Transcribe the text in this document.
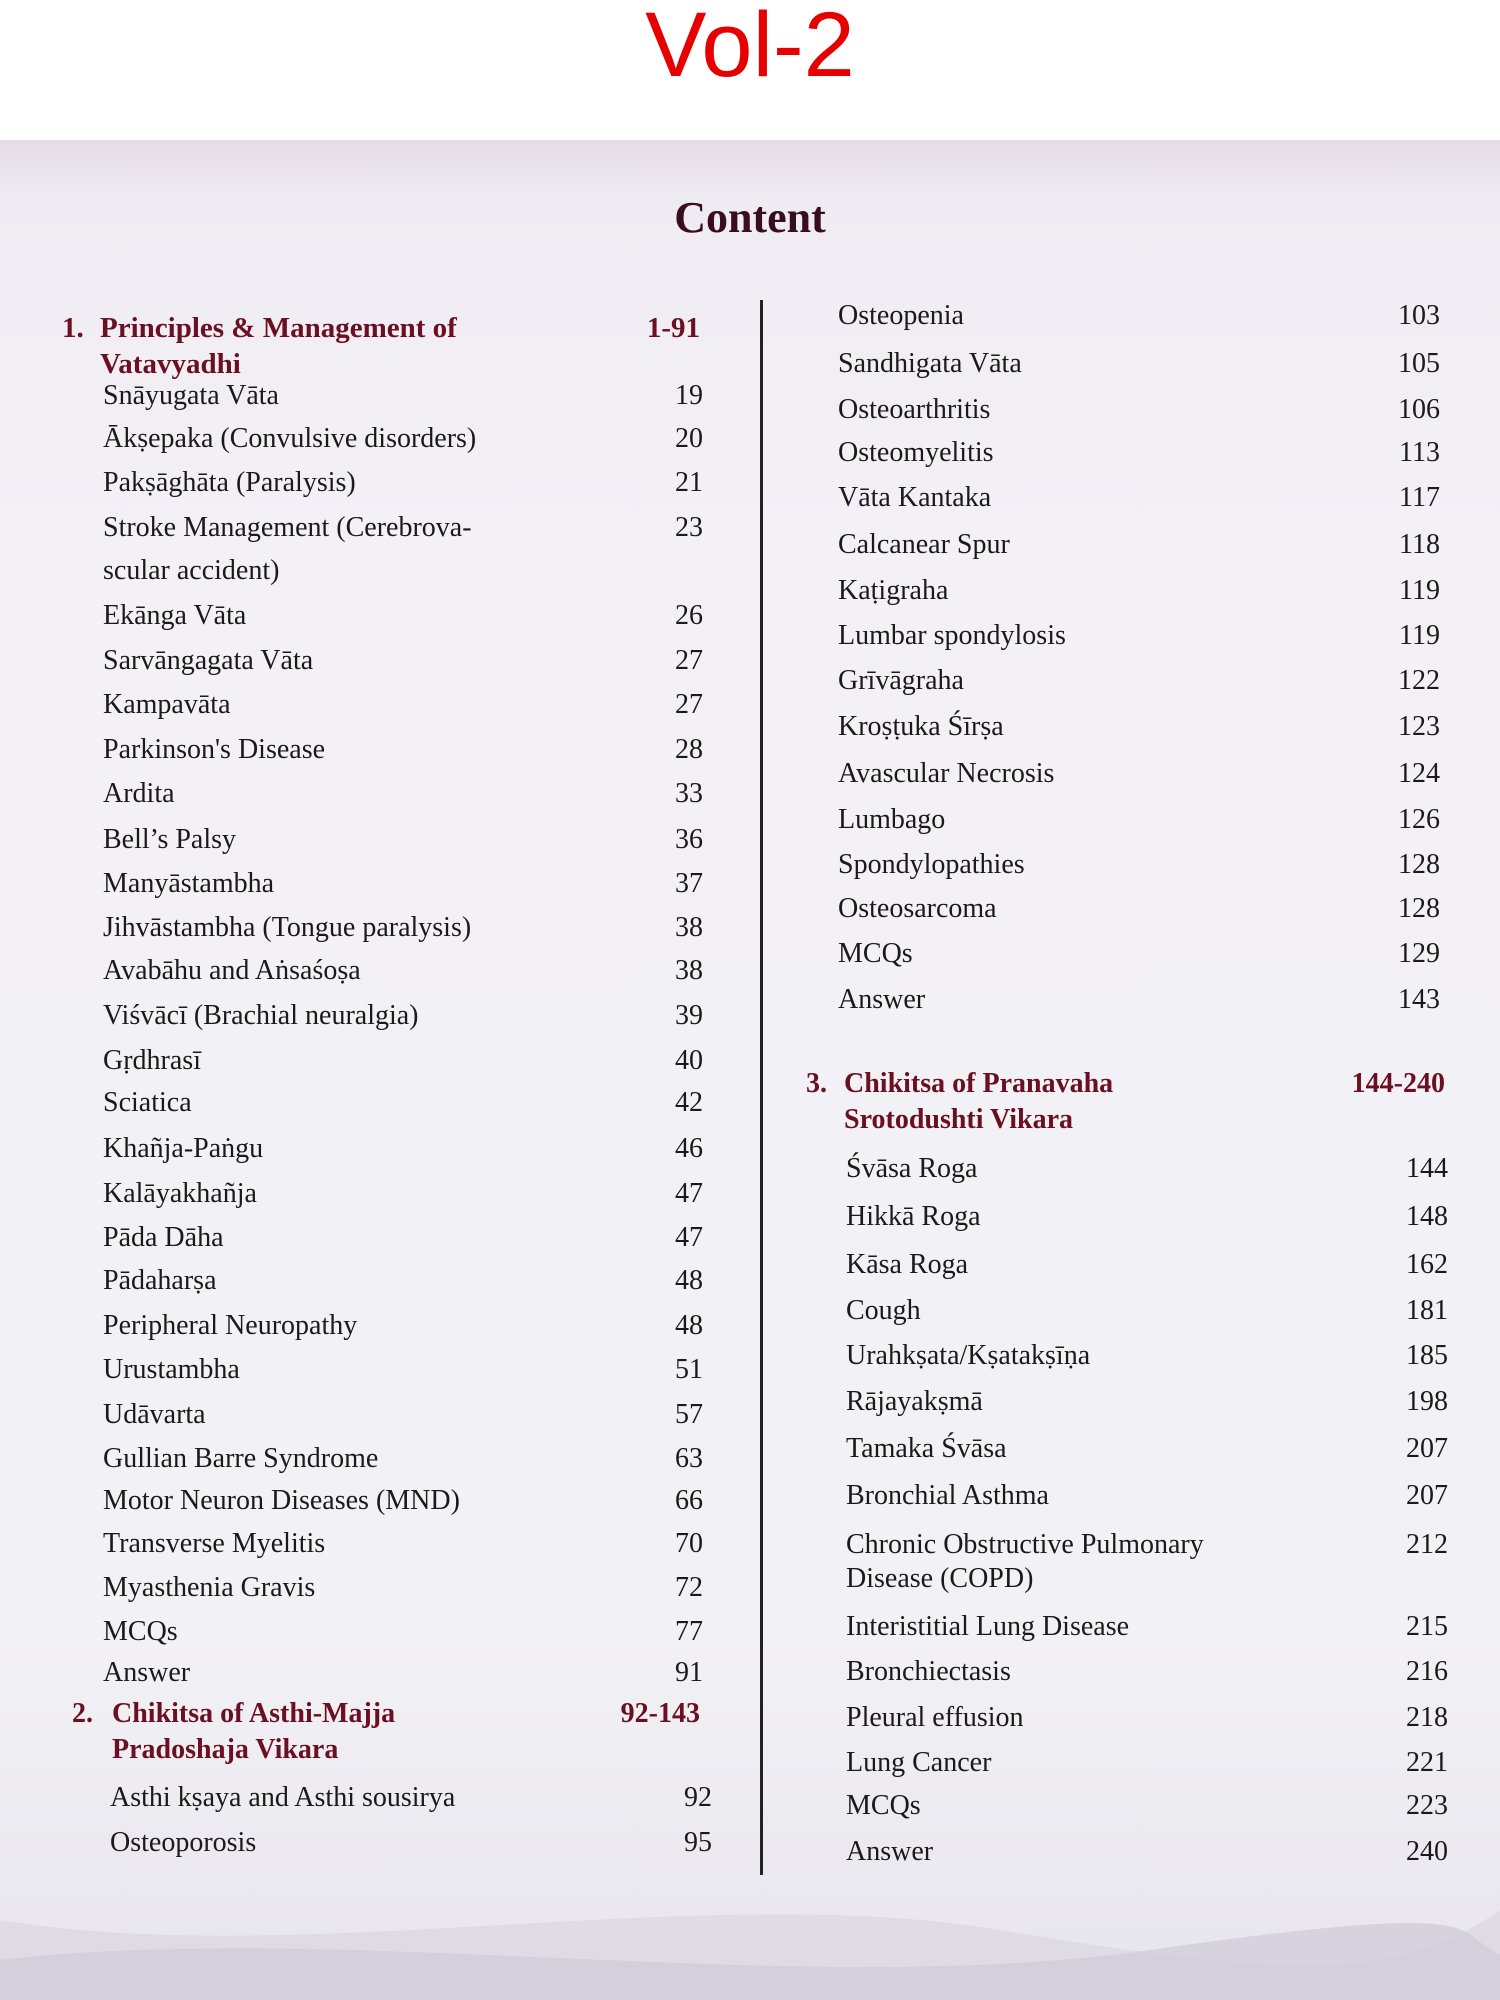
Vol-2
Content
1. Principles & Management of
Vatavyadhi
1-91
Snāyugata Vāta	19
Ākṣepaka (Convulsive disorders)	20
Pakṣāghāta (Paralysis)	21
Stroke Management (Cerebrova-	23
scular accident)
Ekānga Vāta	26
Sarvāngagata Vāta	27
Kampavāta	27
Parkinson's Disease	28
Ardita	33
Bell’s Palsy	36
Manyāstambha	37
Jihvāstambha (Tongue paralysis)	38
Avabāhu and Aṅsaśoṣa	38
Viśvācī (Brachial neuralgia)	39
Gṛdhrasī	40
Sciatica	42
Khañja-Paṅgu	46
Kalāyakhañja	47
Pāda Dāha	47
Pādaharṣa	48
Peripheral Neuropathy	48
Urustambha	51
Udāvarta	57
Gullian Barre Syndrome	63
Motor Neuron Diseases (MND)	66
Transverse Myelitis	70
Myasthenia Gravis	72
MCQs	77
Answer	91
2. Chikitsa of Asthi-Majja
Pradoshaja Vikara
92-143
Asthi kṣaya and Asthi sousirya	92
Osteoporosis	95
Osteopenia	103
Sandhigata Vāta	105
Osteoarthritis	106
Osteomyelitis	113
Vāta Kantaka	117
Calcanear Spur	118
Kaṭigraha	119
Lumbar spondylosis	119
Grīvāgraha	122
Kroṣṭuka Śīrṣa	123
Avascular Necrosis	124
Lumbago	126
Spondylopathies	128
Osteosarcoma	128
MCQs	129
Answer	143
3. Chikitsa of Pranavaha
Srotodushti Vikara
144-240
Śvāsa Roga	144
Hikkā Roga	148
Kāsa Roga	162
Cough	181
Urahkṣata/Kṣatakṣīṇa	185
Rājayakṣmā	198
Tamaka Śvāsa	207
Bronchial Asthma	207
Chronic Obstructive Pulmonary	212
Disease (COPD)
Interistitial Lung Disease	215
Bronchiectasis	216
Pleural effusion	218
Lung Cancer	221
MCQs	223
Answer	240
